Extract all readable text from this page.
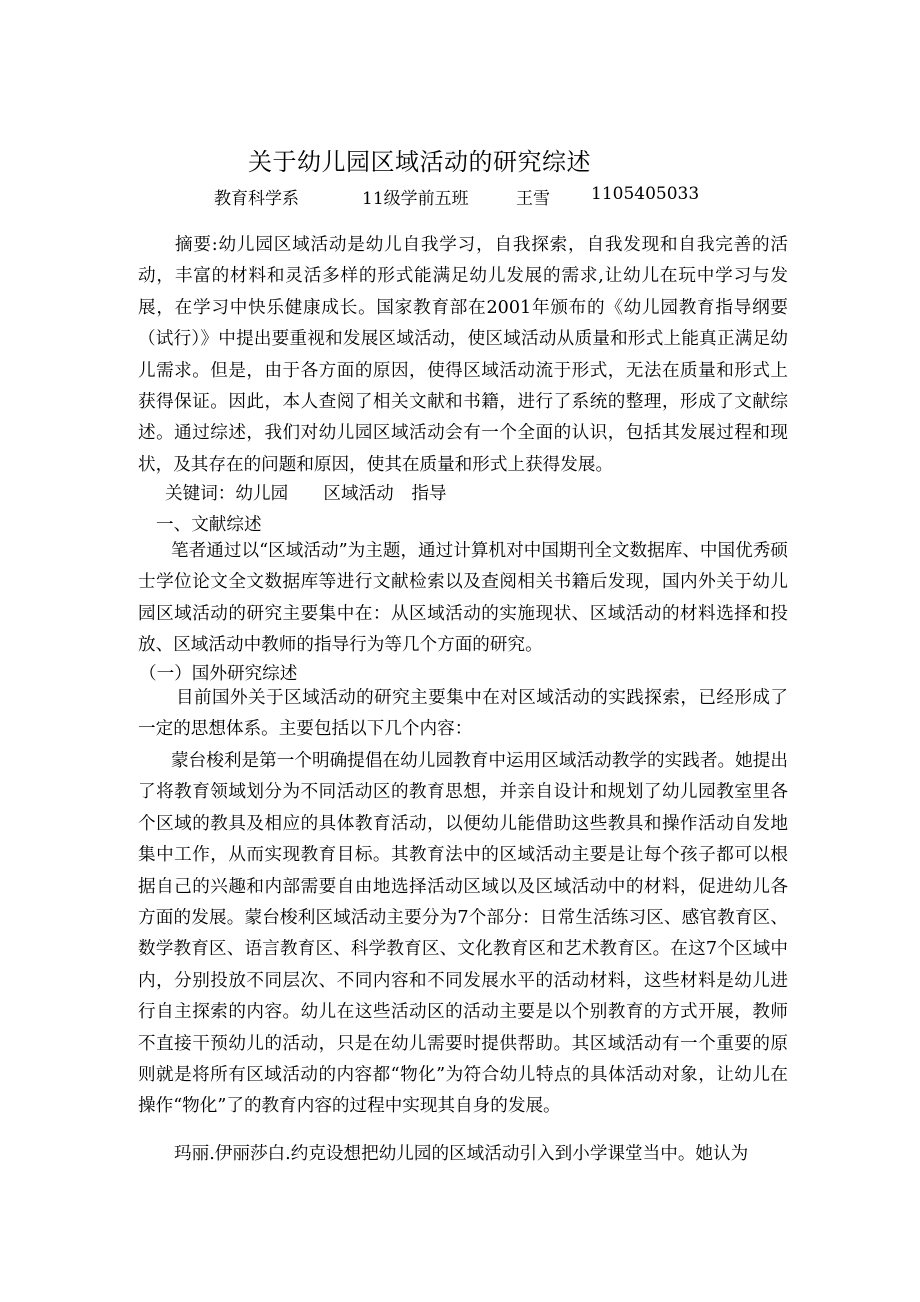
关于幼儿园区域活动的研究综述
教育科学系	11级学前五班	王雪 1105405033

摘要:幼儿园区域活动是幼儿自我学习，自我探索，自我发现和自我完善的活动，丰富的材料和灵活多样的形式能满足幼儿发展的需求,让幼儿在玩中学习与发展，在学习中快乐健康成长。国家教育部在2001年颁布的《幼儿园教育指导纲要（试行）》中提出要重视和发展区域活动，使区域活动从质量和形式上能真正满足幼儿需求。但是，由于各方面的原因，使得区域活动流于形式，无法在质量和形式上获得保证。因此，本人查阅了相关文献和书籍，进行了系统的整理，形成了文献综述。通过综述，我们对幼儿园区域活动会有一个全面的认识，包括其发展过程和现状，及其存在的问题和原因，使其在质量和形式上获得发展。

关键词：幼儿园　　区域活动　指导
一、文献综述

笔者通过以“区域活动”为主题，通过计算机对中国期刊全文数据库、中国优秀硕士学位论文全文数据库等进行文献检索以及查阅相关书籍后发现，国内外关于幼儿园区域活动的研究主要集中在：从区域活动的实施现状、区域活动的材料选择和投放、区域活动中教师的指导行为等几个方面的研究。

（一）国外研究综述

目前国外关于区域活动的研究主要集中在对区域活动的实践探索，已经形成了一定的思想体系。主要包括以下几个内容：

蒙台梭利是第一个明确提倡在幼儿园教育中运用区域活动教学的实践者。她提出了将教育领域划分为不同活动区的教育思想，并亲自设计和规划了幼儿园教室里各个区域的教具及相应的具体教育活动，以便幼儿能借助这些教具和操作活动自发地集中工作，从而实现教育目标。其教育法中的区域活动主要是让每个孩子都可以根据自己的兴趣和内部需要自由地选择活动区域以及区域活动中的材料，促进幼儿各方面的发展。蒙台梭利区域活动主要分为7个部分：日常生活练习区、感官教育区、数学教育区、语言教育区、科学教育区、文化教育区和艺术教育区。在这7个区域中内，分别投放不同层次、不同内容和不同发展水平的活动材料，这些材料是幼儿进行自主探索的内容。幼儿在这些活动区的活动主要是以个别教育的方式开展，教师不直接干预幼儿的活动，只是在幼儿需要时提供帮助。其区域活动有一个重要的原则就是将所有区域活动的内容都“物化”为符合幼儿特点的具体活动对象，让幼儿在操作“物化”了的教育内容的过程中实现其自身的发展。

玛丽.伊丽莎白.约克设想把幼儿园的区域活动引入到小学课堂当中。她认为
